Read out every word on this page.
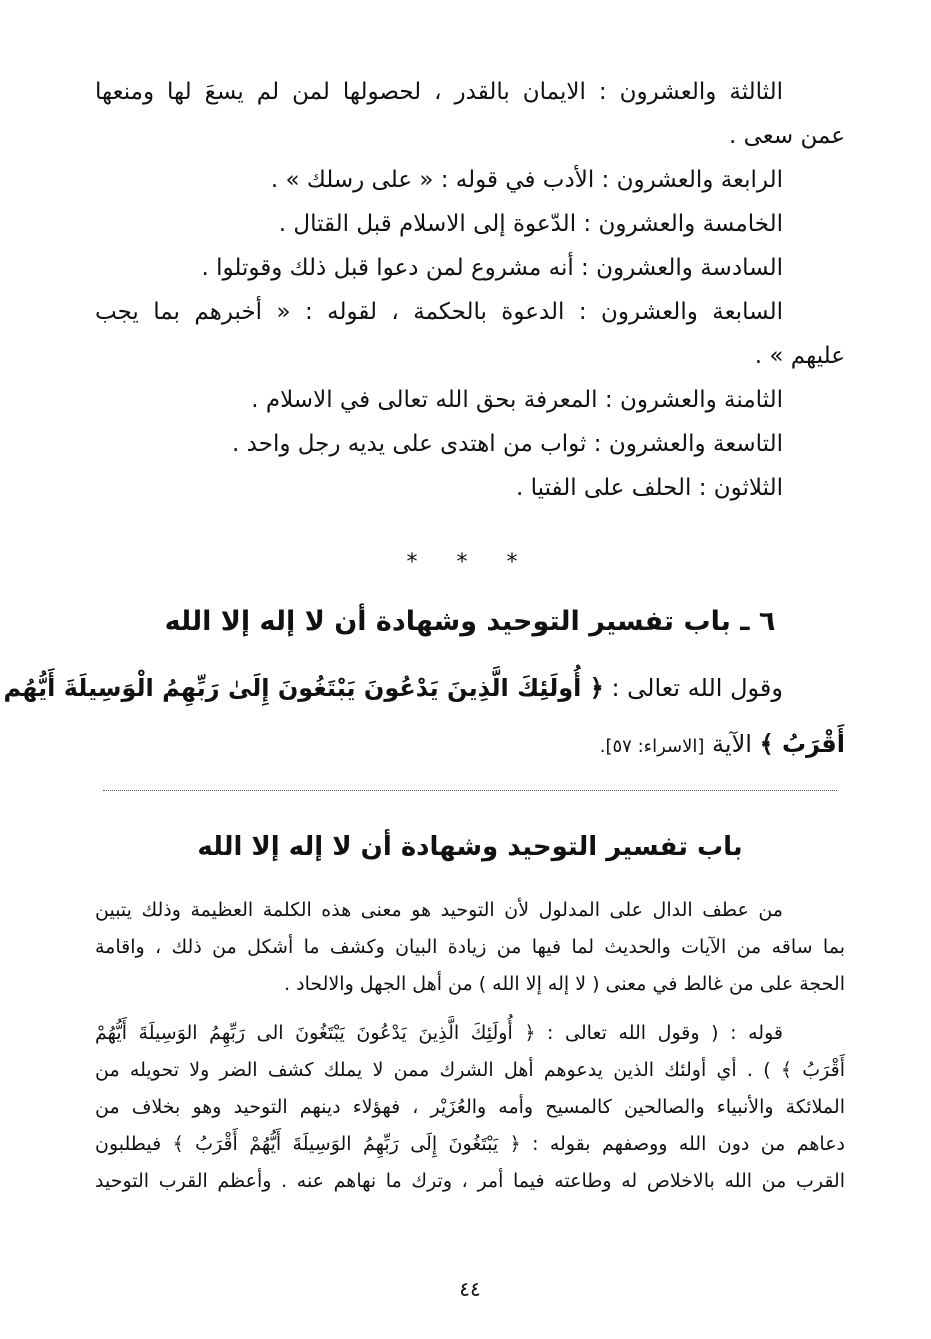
الثالثة والعشرون : الايمان بالقدر ، لحصولها لمن لم يسعَ لها ومنعها
عمن سعى .
الرابعة والعشرون : الأدب في قوله : « على رسلك » .
الخامسة والعشرون : الدّعوة إلى الاسلام قبل القتال .
السادسة والعشرون : أنه مشروع لمن دعوا قبل ذلك وقوتلوا .
السابعة والعشرون : الدعوة بالحكمة ، لقوله : « أخبرهم بما يجب
عليهم » .
الثامنة والعشرون : المعرفة بحق الله تعالى في الاسلام .
التاسعة والعشرون : ثواب من اهتدى على يديه رجل واحد .
الثلاثون : الحلف على الفتيا .
* * *
٦ ـ باب تفسير التوحيد وشهادة أن لا إله إلا الله
وقول الله تعالى : ﴿ أُولَئِكَ الَّذِينَ يَدْعُونَ يَبْتَغُونَ إِلَىٰ رَبِّهِمُ الْوَسِيلَةَ أَيُّهُم
أَقْرَبُ ﴾ الآية [الاسراء: ٥٧].
باب تفسير التوحيد وشهادة أن لا إله إلا الله
من عطف الدال على المدلول لأن التوحيد هو معنى هذه الكلمة العظيمة وذلك يتبين
بما ساقه من الآيات والحديث لما فيها من زيادة البيان وكشف ما أشكل من ذلك ، واقامة
الحجة على من غالط في معنى ( لا إله إلا الله ) من أهل الجهل والالحاد .
قوله : ( وقول الله تعالى : ﴿ أُولَئِكَ الَّذِينَ يَدْعُونَ يَبْتَغُونَ الى رَبِّهِمُ الوَسِيلَةَ أَيُّهُمْ
أَقْرَبُ ﴾ ) . أي أولئك الذين يدعوهم أهل الشرك ممن لا يملك كشف الضر ولا تحويله من
الملائكة والأنبياء والصالحين كالمسيح وأمه والعُزَيْر ، فهؤلاء دينهم التوحيد وهو بخلاف من
دعاهم من دون الله ووصفهم بقوله : ﴿ يَبْتَغُونَ إِلَى رَبِّهِمُ الوَسِيلَةَ أَيُّهُمْ أَقْرَبُ ﴾ فيطلبون
القرب من الله بالاخلاص له وطاعته فيما أمر ، وترك ما نهاهم عنه . وأعظم القرب التوحيد
٤٤
